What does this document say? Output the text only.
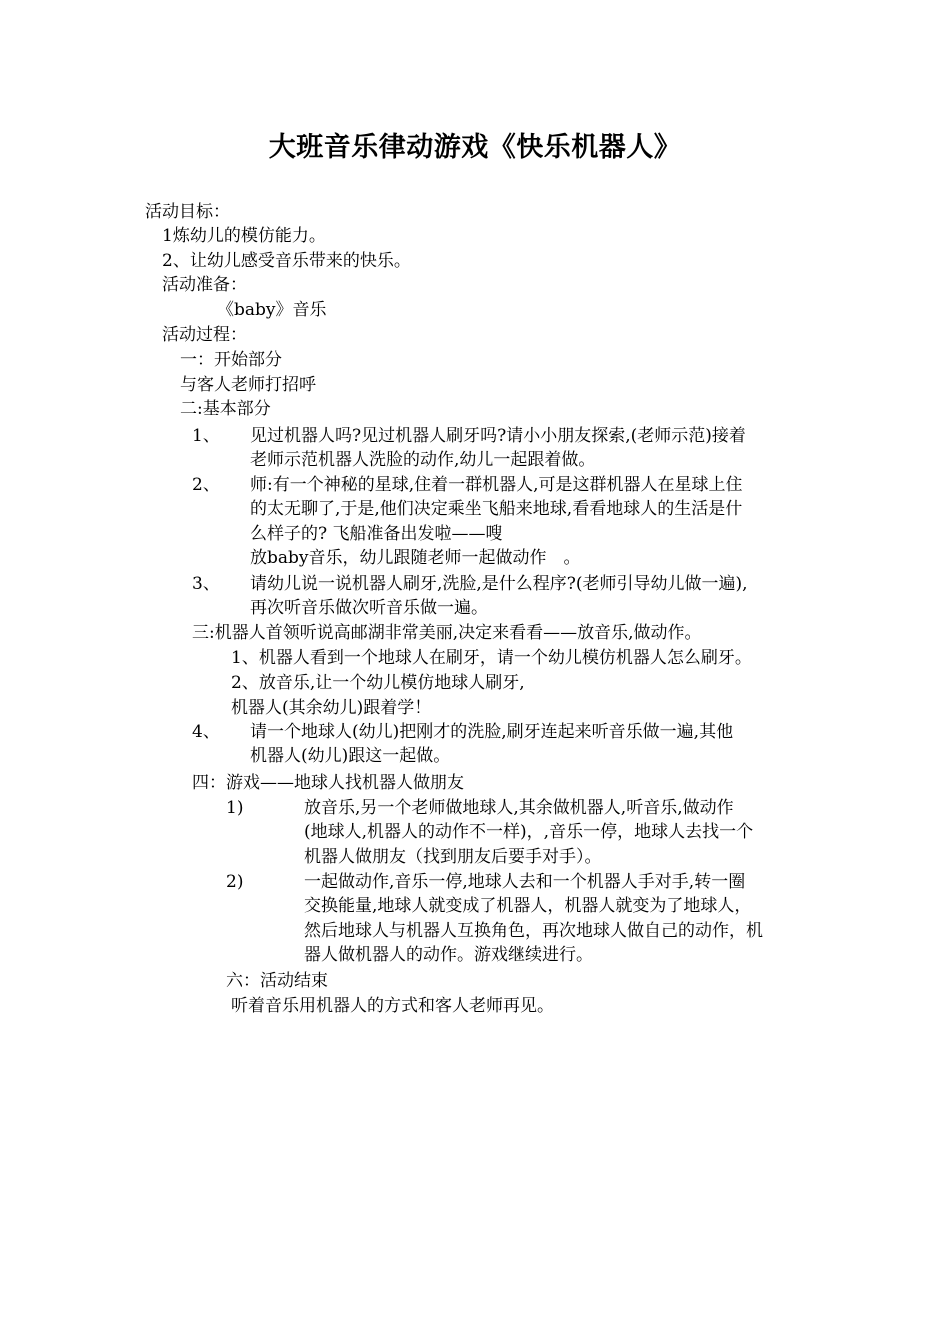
大班音乐律动游戏《快乐机器人》
活动目标：
1炼幼儿的模仿能力。
2、让幼儿感受音乐带来的快乐。
活动准备：
《baby》音乐
活动过程：
一：开始部分
与客人老师打招呼
二:基本部分
1、 见过机器人吗?见过机器人刷牙吗?请小小朋友探索,(老师示范)接着
老师示范机器人洗脸的动作,幼儿一起跟着做。
2、 师:有一个神秘的星球,住着一群机器人,可是这群机器人在星球上住
的太无聊了,于是,他们决定乘坐飞船来地球,看看地球人的生活是什
么样子的? 飞船准备出发啦——嗖
放baby音乐，幼儿跟随老师一起做动作　。
3、 请幼儿说一说机器人刷牙,洗脸,是什么程序?(老师引导幼儿做一遍),
再次听音乐做次听音乐做一遍。
三:机器人首领听说高邮湖非常美丽,决定来看看——放音乐,做动作。
1、机器人看到一个地球人在刷牙，请一个幼儿模仿机器人怎么刷牙。
2、放音乐,让一个幼儿模仿地球人刷牙,
机器人(其余幼儿)跟着学！
4、 请一个地球人(幼儿)把刚才的洗脸,刷牙连起来听音乐做一遍,其他
机器人(幼儿)跟这一起做。
四：游戏——地球人找机器人做朋友
1)	放音乐,另一个老师做地球人,其余做机器人,听音乐,做动作
(地球人,机器人的动作不一样)，,音乐一停，地球人去找一个
机器人做朋友（找到朋友后要手对手）。
2)	一起做动作,音乐一停,地球人去和一个机器人手对手,转一圈
交换能量,地球人就变成了机器人，机器人就变为了地球人，
然后地球人与机器人互换角色，再次地球人做自己的动作，机
器人做机器人的动作。游戏继续进行。
六：活动结束
听着音乐用机器人的方式和客人老师再见。
